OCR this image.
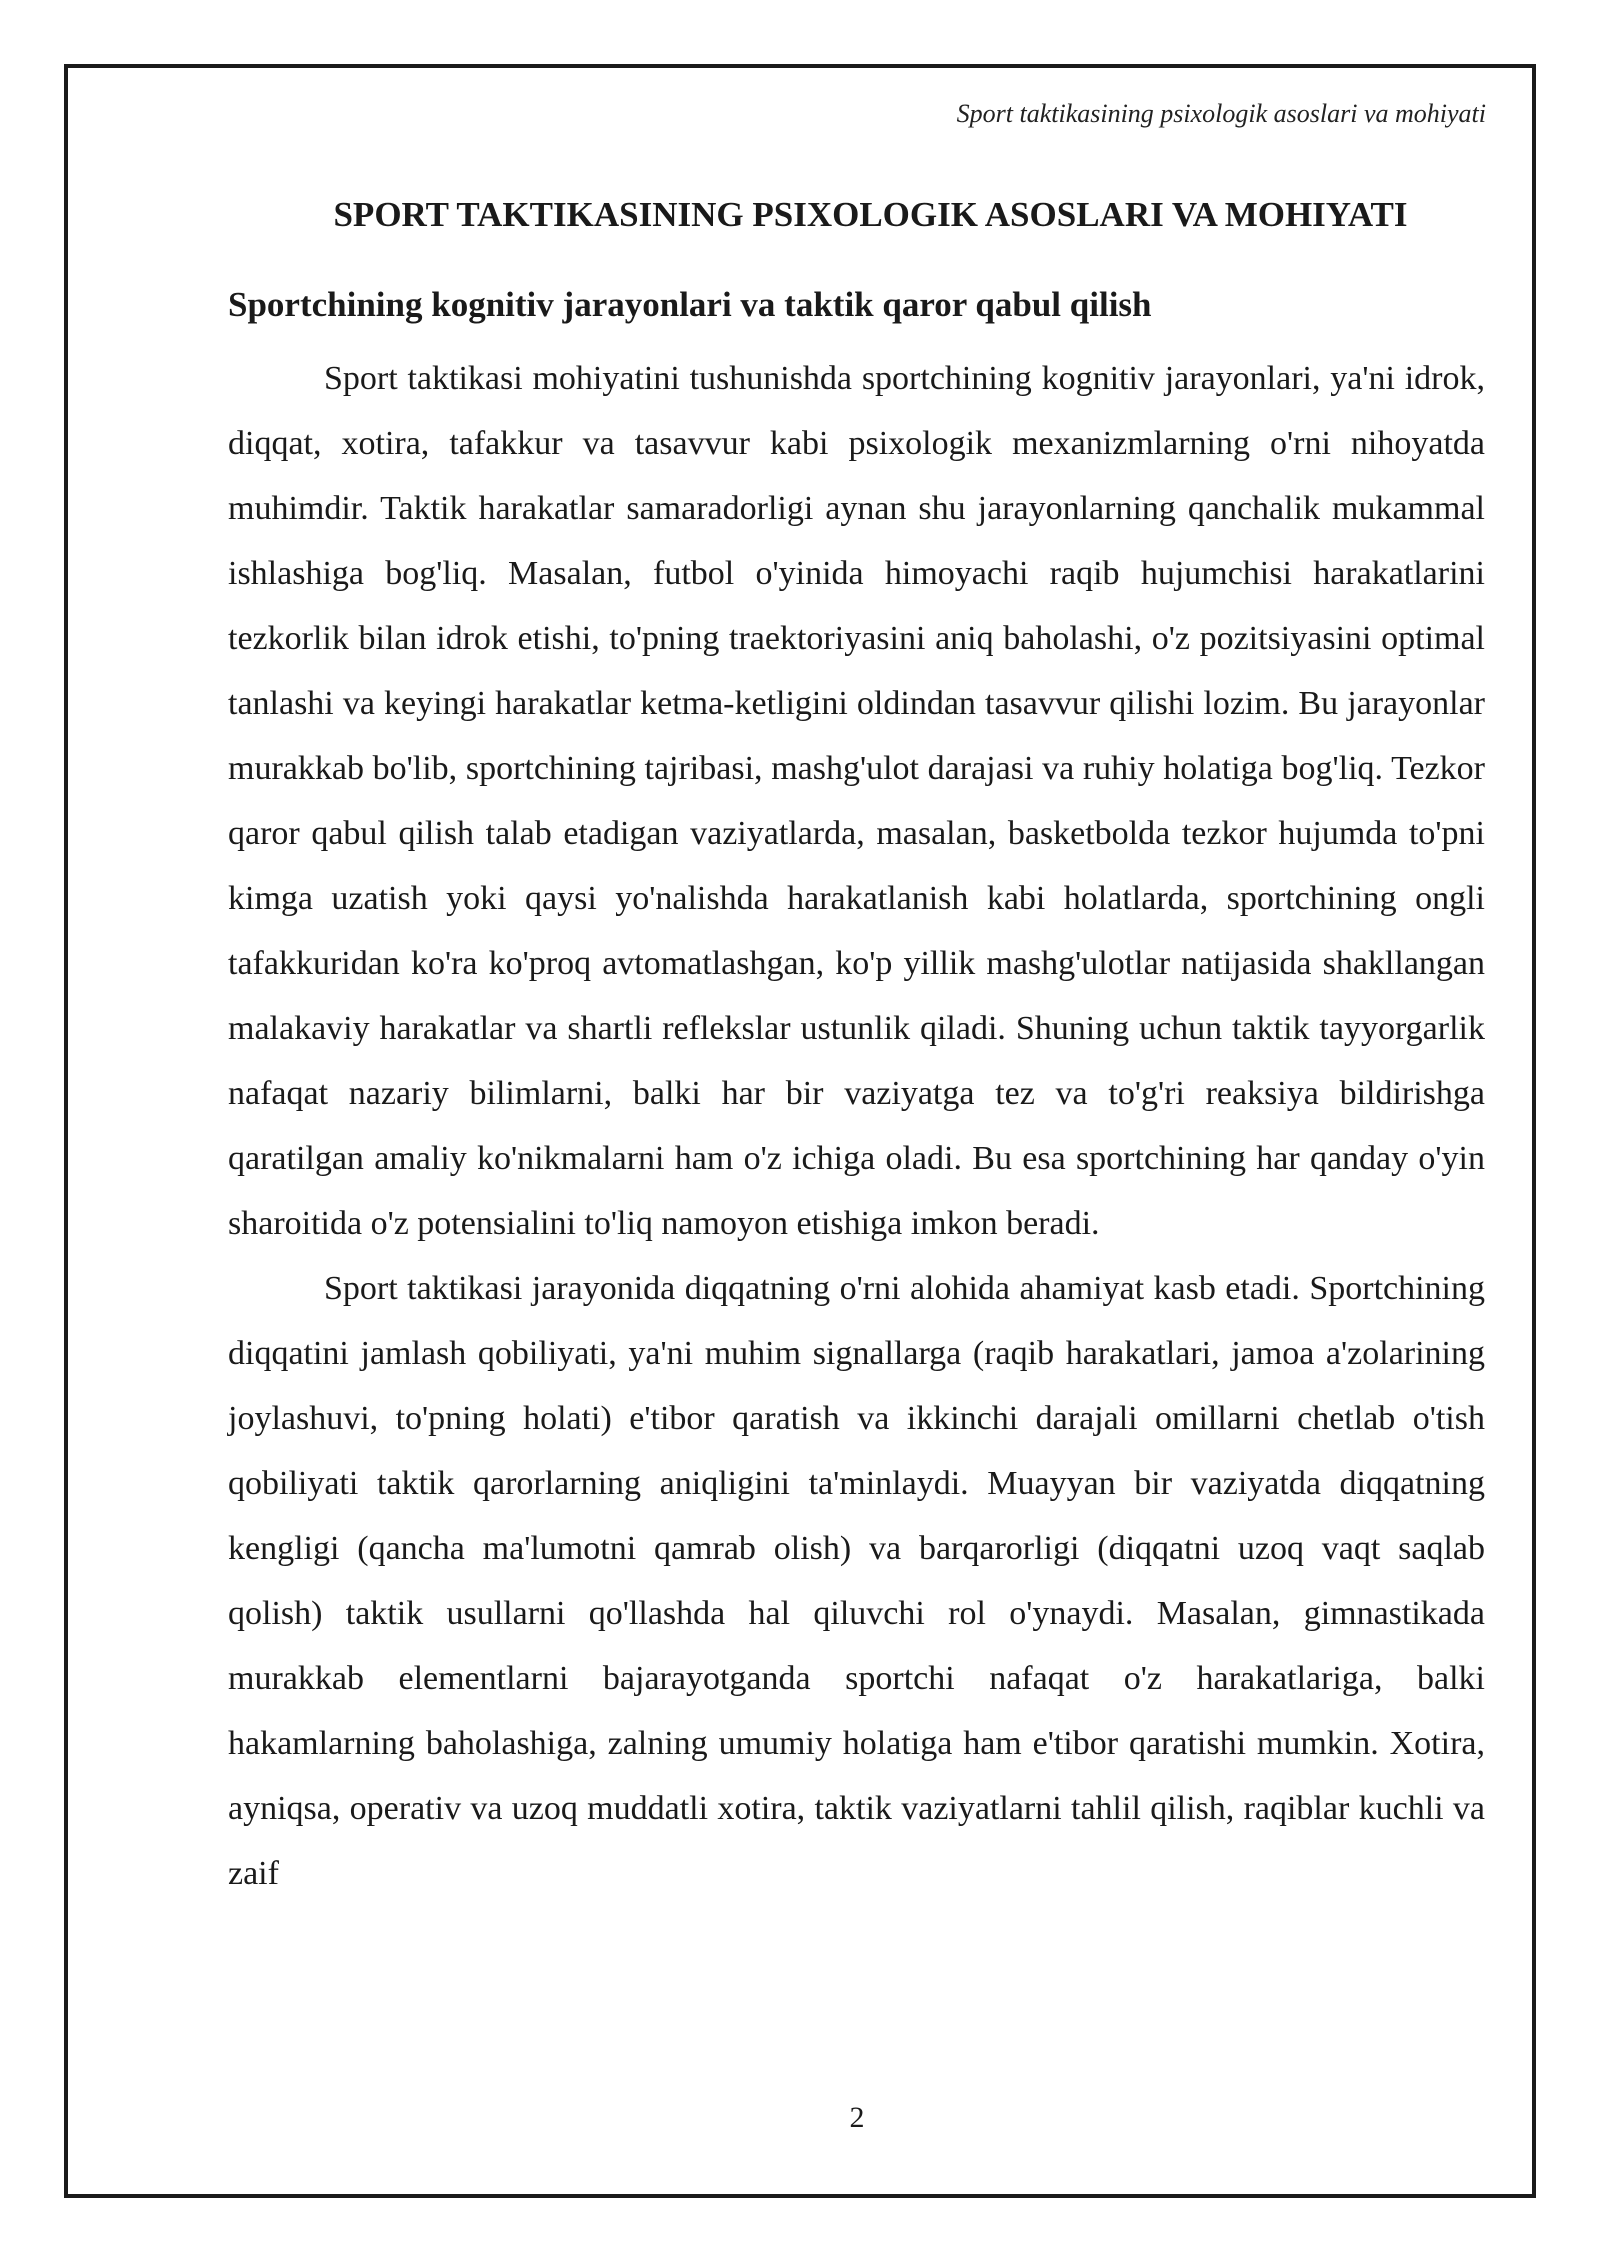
Sport taktikasining psixologik asoslari va mohiyati
SPORT TAKTIKASINING PSIXOLOGIK ASOSLARI VA MOHIYATI
Sportchining kognitiv jarayonlari va taktik qaror qabul qilish

Sport taktikasi mohiyatini tushunishda sportchining kognitiv jarayonlari, ya'ni idrok, diqqat, xotira, tafakkur va tasavvur kabi psixologik mexanizmlarning o'rni nihoyatda muhimdir. Taktik harakatlar samaradorligi aynan shu jarayonlarning qanchalik mukammal ishlashiga bog'liq. Masalan, futbol o'yinida himoyachi raqib hujumchisi harakatlarini tezkorlik bilan idrok etishi, to'pning traektoriyasini aniq baholashi, o'z pozitsiyasini optimal tanlashi va keyingi harakatlar ketma-ketligini oldindan tasavvur qilishi lozim. Bu jarayonlar murakkab bo'lib, sportchining tajribasi, mashg'ulot darajasi va ruhiy holatiga bog'liq. Tezkor qaror qabul qilish talab etadigan vaziyatlarda, masalan, basketbolda tezkor hujumda to'pni kimga uzatish yoki qaysi yo'nalishda harakatlanish kabi holatlarda, sportchining ongli tafakkuridan ko'ra ko'proq avtomatlashgan, ko'p yillik mashg'ulotlar natijasida shakllangan malakaviy harakatlar va shartli reflekslar ustunlik qiladi. Shuning uchun taktik tayyorgarlik nafaqat nazariy bilimlarni, balki har bir vaziyatga tez va to'g'ri reaksiya bildirishga qaratilgan amaliy ko'nikmalarni ham o'z ichiga oladi. Bu esa sportchining har qanday o'yin sharoitida o'z potensialini to'liq namoyon etishiga imkon beradi.

Sport taktikasi jarayonida diqqatning o'rni alohida ahamiyat kasb etadi. Sportchining diqqatini jamlash qobiliyati, ya'ni muhim signallarga (raqib harakatlari, jamoa a'zolarining joylashuvi, to'pning holati) e'tibor qaratish va ikkinchi darajali omillarni chetlab o'tish qobiliyati taktik qarorlarning aniqligini ta'minlaydi. Muayyan bir vaziyatda diqqatning kengligi (qancha ma'lumotni qamrab olish) va barqarorligi (diqqatni uzoq vaqt saqlab qolish) taktik usullarni qo'llashda hal qiluvchi rol o'ynaydi. Masalan, gimnastikada murakkab elementlarni bajarayotganda sportchi nafaqat o'z harakatlariga, balki hakamlarning baholashiga, zalning umumiy holatiga ham e'tibor qaratishi mumkin. Xotira, ayniqsa, operativ va uzoq muddatli xotira, taktik vaziyatlarni tahlil qilish, raqiblar kuchli va zaif

2
